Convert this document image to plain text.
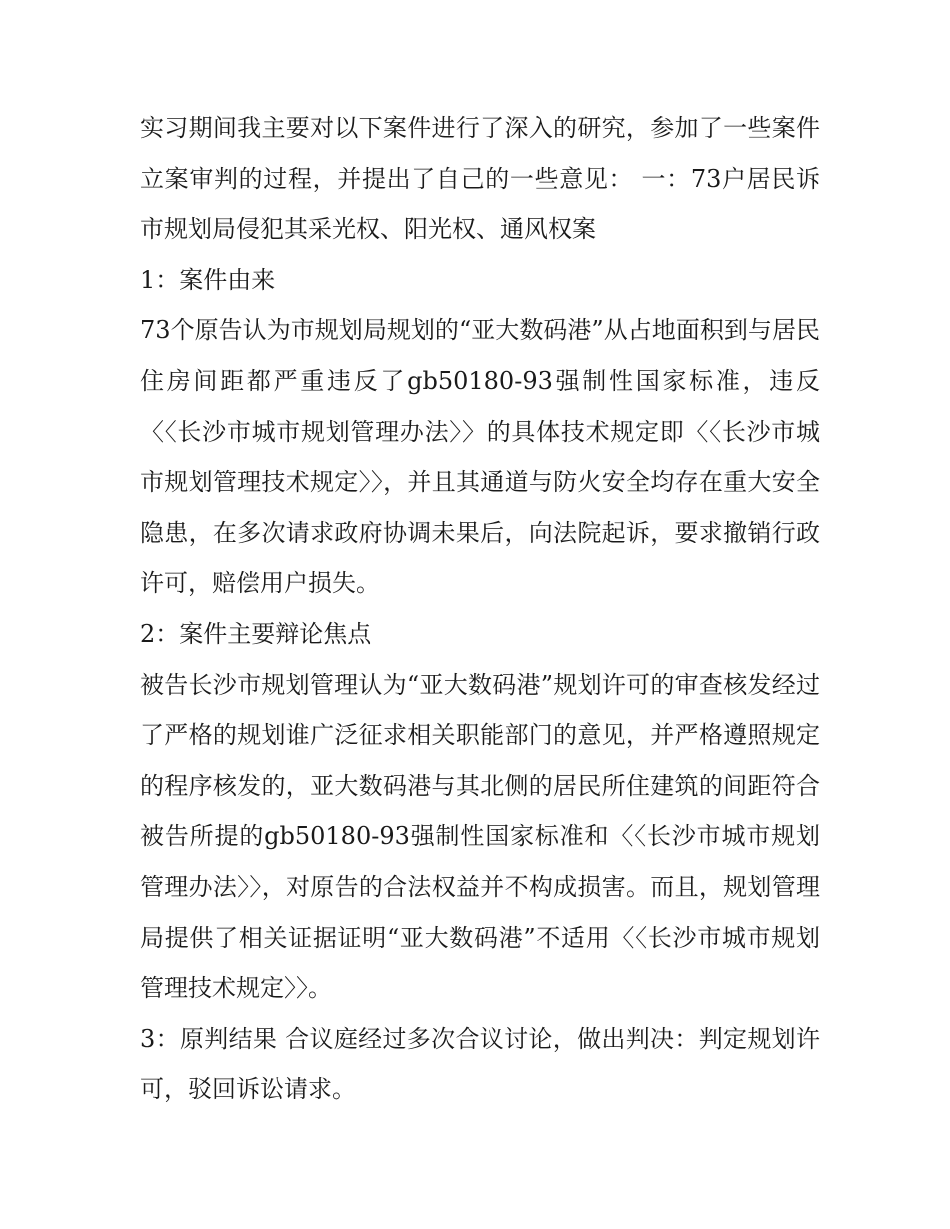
实习期间我主要对以下案件进行了深入的研究，参加了一些案件立案审判的过程，并提出了自己的一些意见： 一：73户居民诉市规划局侵犯其采光权、阳光权、通风权案

1：案件由来

73个原告认为市规划局规划的“亚大数码港”从占地面积到与居民住房间距都严重违反了gb50180-93强制性国家标准，违反〈〈长沙市城市规划管理办法〉〉的具体技术规定即〈〈长沙市城市规划管理技术规定〉〉，并且其通道与防火安全均存在重大安全隐患，在多次请求政府协调未果后，向法院起诉，要求撤销行政许可，赔偿用户损失。

2：案件主要辩论焦点

被告长沙市规划管理认为“亚大数码港”规划许可的审查核发经过了严格的规划谁广泛征求相关职能部门的意见，并严格遵照规定的程序核发的，亚大数码港与其北侧的居民所住建筑的间距符合被告所提的gb50180-93强制性国家标准和〈〈长沙市城市规划管理办法〉〉，对原告的合法权益并不构成损害。而且，规划管理局提供了相关证据证明“亚大数码港”不适用〈〈长沙市城市规划管理技术规定〉〉。

3：原判结果 合议庭经过多次合议讨论，做出判决：判定规划许可，驳回诉讼请求。
